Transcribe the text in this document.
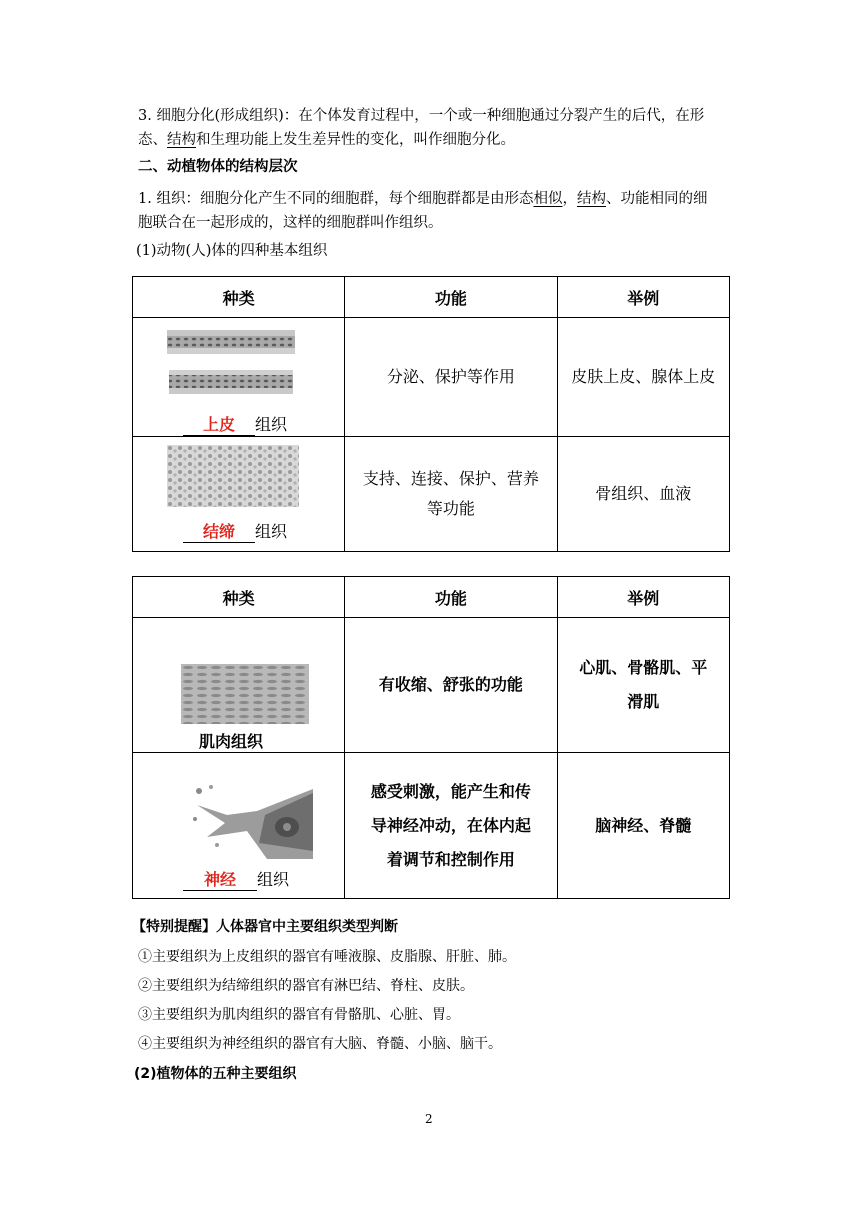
3. 细胞分化(形成组织)：在个体发育过程中，一个或一种细胞通过分裂产生的后代，在形
态、结构和生理功能上发生差异性的变化，叫作细胞分化。
二、动植物体的结构层次
1. 组织：细胞分化产生不同的细胞群，每个细胞群都是由形态相似，结构、功能相同的细
胞联合在一起形成的，这样的细胞群叫作组织。
(1)动物(人)体的四种基本组织
种类	功能	举例

上皮 组织	分泌、保护等作用	皮肤上皮、腺体上皮

结缔 组织	支持、连接、保护、营养
等功能	骨组织、血液
种类	功能	举例

肌肉组织	有收缩、舒张的功能	心肌、骨骼肌、平
滑肌

神经 组织	感受刺激，能产生和传
导神经冲动，在体内起
着调节和控制作用	脑神经、脊髓
【特别提醒】人体器官中主要组织类型判断
①主要组织为上皮组织的器官有唾液腺、皮脂腺、肝脏、肺。
②主要组织为结缔组织的器官有淋巴结、脊柱、皮肤。
③主要组织为肌肉组织的器官有骨骼肌、心脏、胃。
④主要组织为神经组织的器官有大脑、脊髓、小脑、脑干。
(2)植物体的五种主要组织
2
